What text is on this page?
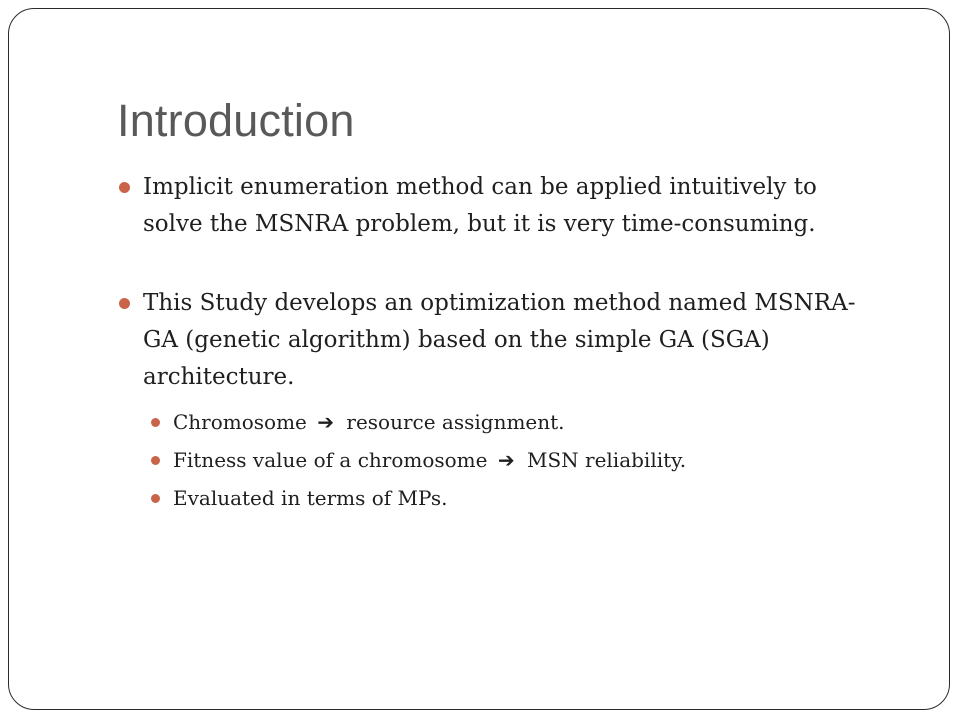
Introduction
Implicit enumeration method can be applied intuitively to solve the MSNRA problem, but it is very time-consuming.
This Study develops an optimization method named MSNRA-GA (genetic algorithm) based on the simple GA (SGA) architecture.
Chromosome ➔ resource assignment.
Fitness value of a chromosome ➔ MSN reliability.
Evaluated in terms of MPs.
